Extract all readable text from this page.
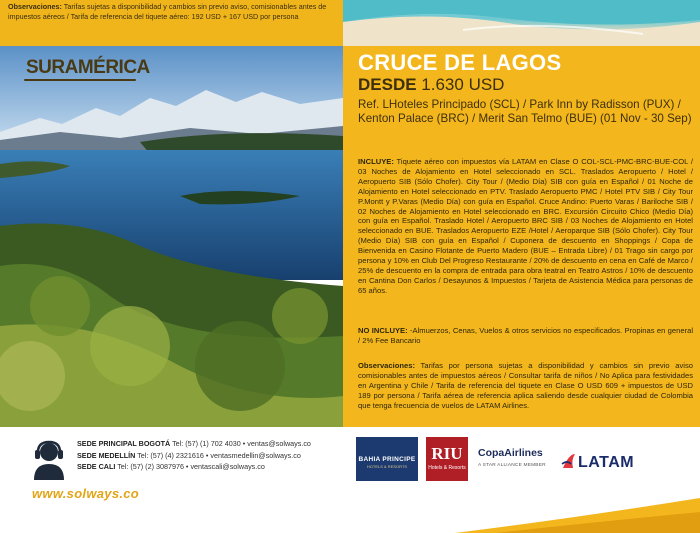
Observaciones: Tarifas sujetas a disponibilidad y cambios sin previo aviso, comisionables antes de impuestos aéreos / Tarifa de referencia del tiquete aéreo: 192 USD + 167 USD por persona

SURAMÉRICA	CRUCE DE LAGOS
DESDE 1.630 USD
Ref. LHoteles Principado (SCL) / Park Inn by Radisson (PUX) / Kenton Palace (BRC) / Merit San Telmo (BUE) (01 Nov - 30 Sep)
INCLUYE: Tiquete aéreo con impuestos vía LATAM en Clase O COL-SCL-PMC-BRC-BUE-COL / 03 Noches de Alojamiento en Hotel seleccionado en SCL. Traslados Aeropuerto / Hotel / Aeropuerto SIB (Sólo Chofer). City Tour / (Medio Día) SIB con guía en Español / 01 Noche de Alojamiento en Hotel seleccionado en PTV. Traslado Aeropuerto PMC / Hotel PTV SIB / City Tour P.Montt y P.Varas (Medio Día) con guía en Español. Cruce Andino: Puerto Varas / Bariloche SIB / 02 Noches de Alojamiento en Hotel seleccionado en BRC. Excursión Circuito Chico (Medio Día) con guía en Español. Traslado Hotel / Aeropuerto BRC SIB / 03 Noches de Alojamiento en Hotel seleccionado en BUE. Traslados Aeropuerto EZE /Hotel / Aeroparque SIB (Sólo Chofer). City Tour (Medio Día) SIB con guía en Español / Cuponera de descuento en Shoppings / Copa de Bienvenida en Casino Flotante de Puerto Madero (BUE – Entrada Libre) / 01 Trago sin cargo por persona y 10% en Club Del Progreso Restaurante / 20% de descuento en cena en Café de Marco / 25% de descuento en la compra de entrada para obra teatral en Teatro Astros / 10% de descuento en Cantina Don Carlos / Desayunos & Impuestos / Tarjeta de Asistencia Médica para personas de 65 años.
NO INCLUYE: -Almuerzos, Cenas, Vuelos & otros servicios no especificados. Propinas en general / 2% Fee Bancario
Observaciones: Tarifas por persona sujetas a disponibilidad y cambios sin previo aviso comisionables antes de impuestos aéreos / Consultar tarifa de niños / No Aplica para festividades en Argentina y Chile / Tarifa de referencia del tiquete en Clase O USD 609 + impuestos de USD 189 por persona / Tarifa aérea de referencia aplica saliendo desde cualquier ciudad de Colombia que tenga frecuencia de vuelos de LATAM Airlines.
SEDE PRINCIPAL BOGOTÁ Tel: (57) (1) 702 4030 • ventas@solways.co
SEDE MEDELLÍN Tel: (57) (4) 2321616 • ventasmedellin@solways.co
SEDE CALI Tel: (57) (2) 3087976 • ventascali@solways.co
www.solways.co
BAHIA PRINCIPE
HOTELS & RESORTS
RIU
Hotels & Resorts
CopaAirlines
A STAR ALLIANCE MEMBER LATAM
